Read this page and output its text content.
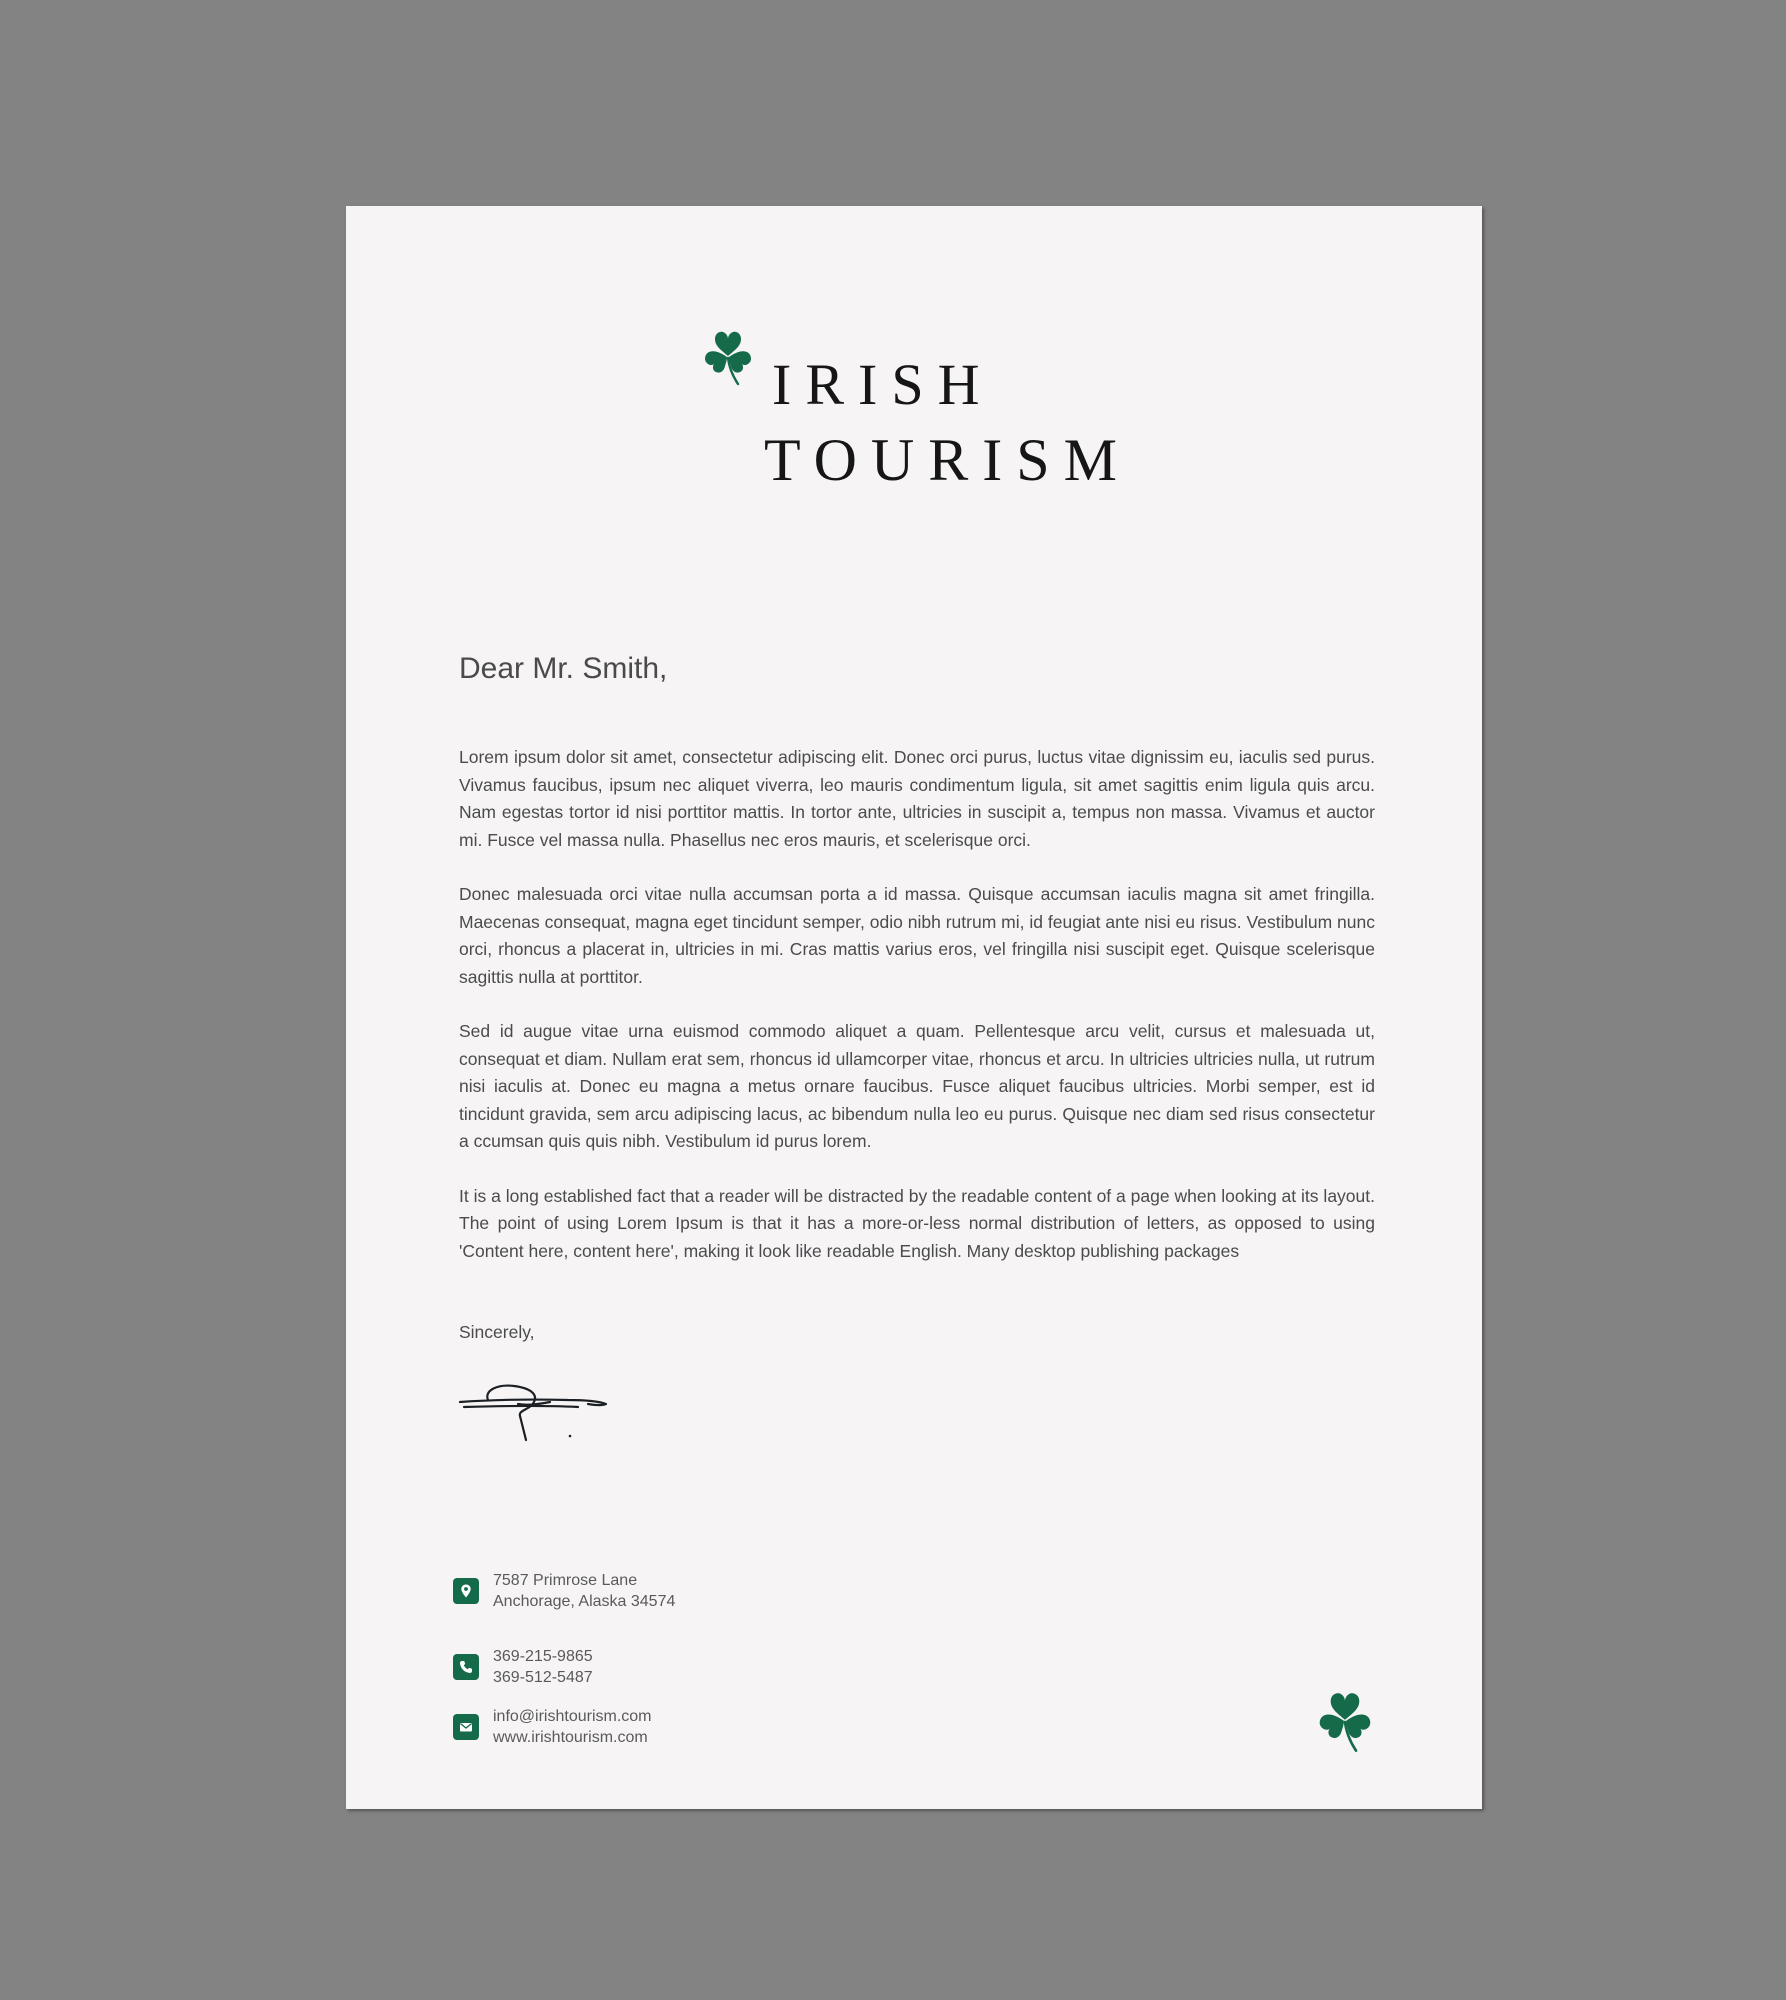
IRISH
TOURISM
Dear Mr. Smith,

Lorem ipsum dolor sit amet, consectetur adipiscing elit. Donec orci purus, luctus vitae dignissim eu, iaculis sed purus. Vivamus faucibus, ipsum nec aliquet viverra, leo mauris condimentum ligula, sit amet sagittis enim ligula quis arcu. Nam egestas tortor id nisi porttitor mattis. In tortor ante, ultricies in suscipit a, tempus non massa. Vivamus et auctor mi. Fusce vel massa nulla. Phasellus nec eros mauris, et scelerisque orci.

Donec malesuada orci vitae nulla accumsan porta a id massa. Quisque accumsan iaculis magna sit amet fringilla. Maecenas consequat, magna eget tincidunt semper, odio nibh rutrum mi, id feugiat ante nisi eu risus. Vestibulum nunc orci, rhoncus a placerat in, ultricies in mi. Cras mattis varius eros, vel fringilla nisi suscipit eget. Quisque scelerisque sagittis nulla at porttitor.

Sed id augue vitae urna euismod commodo aliquet a quam. Pellentesque arcu velit, cursus et malesuada ut, consequat et diam. Nullam erat sem, rhoncus id ullamcorper vitae, rhoncus et arcu. In ultricies ultricies nulla, ut rutrum nisi iaculis at. Donec eu magna a metus ornare faucibus. Fusce aliquet faucibus ultricies. Morbi semper, est id tincidunt gravida, sem arcu adipiscing lacus, ac bibendum nulla leo eu purus. Quisque nec diam sed risus consectetur a ccumsan quis quis nibh. Vestibulum id purus lorem.

It is a long established fact that a reader will be distracted by the readable content of a page when looking at its layout. The point of using Lorem Ipsum is that it has a more-or-less normal distribution of letters, as opposed to using 'Content here, content here', making it look like readable English. Many desktop publishing packages

Sincerely,
7587 Primrose Lane
Anchorage, Alaska 34574
369-215-9865
369-512-5487
info@irishtourism.com
www.irishtourism.com
